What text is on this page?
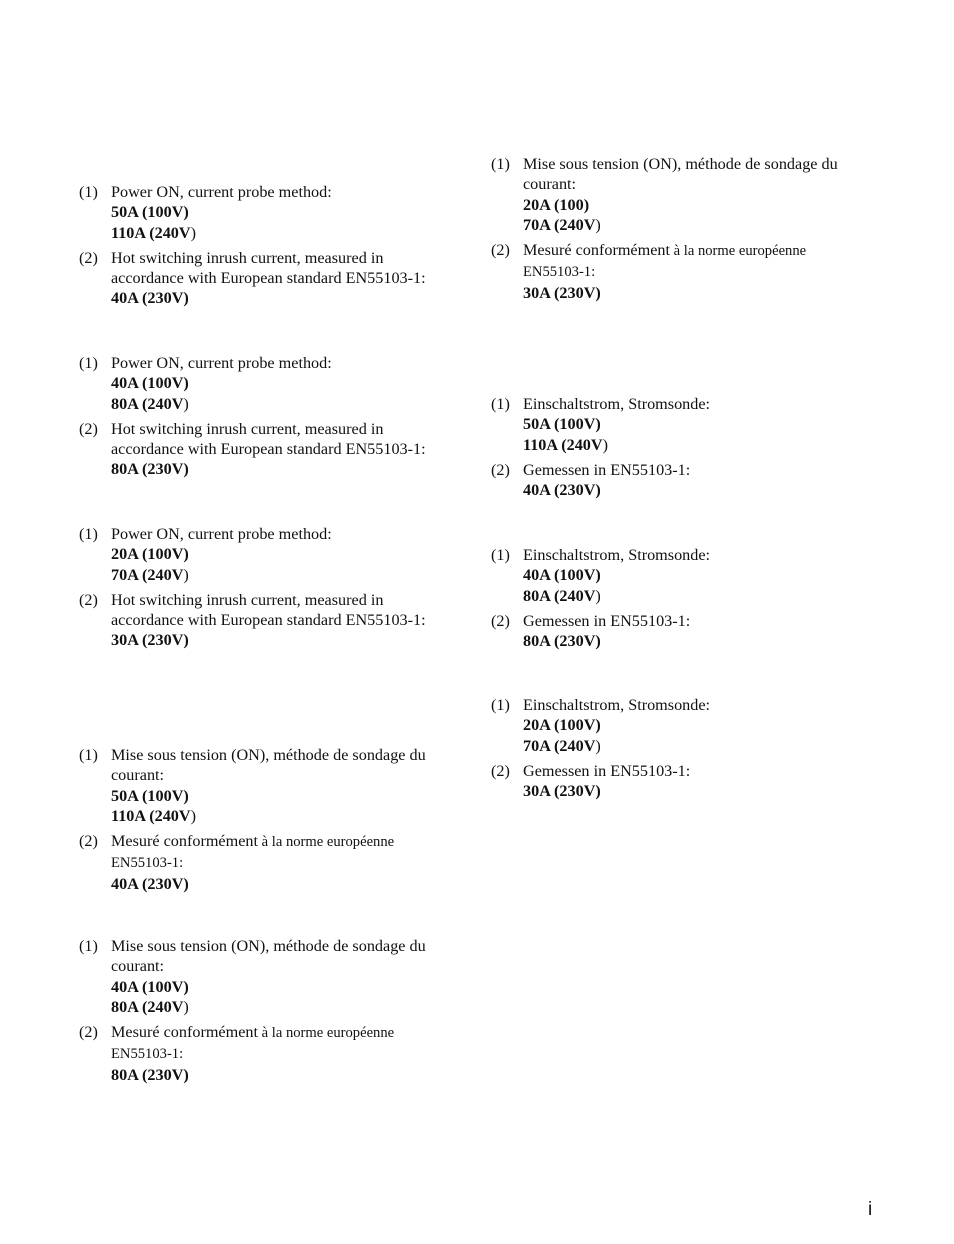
(1) Power ON, current probe method:
50A (100V)
110A (240V)
(2) Hot switching inrush current, measured in
accordance with European standard EN55103-1:
40A (230V)
(1) Power ON, current probe method:
40A (100V)
80A (240V)
(2) Hot switching inrush current, measured in
accordance with European standard EN55103-1:
80A (230V)
(1) Power ON, current probe method:
20A (100V)
70A (240V)
(2) Hot switching inrush current, measured in
accordance with European standard EN55103-1:
30A (230V)
(1) Mise sous tension (ON), méthode de sondage du
courant:
50A (100V)
110A (240V)
(2) Mesuré conformément à la norme européenne
EN55103-1:
40A (230V)
(1) Mise sous tension (ON), méthode de sondage du
courant:
40A (100V)
80A (240V)
(2) Mesuré conformément à la norme européenne
EN55103-1:
80A (230V)
(1) Mise sous tension (ON), méthode de sondage du
courant:
20A (100)
70A (240V)
(2) Mesuré conformément à la norme européenne
EN55103-1:
30A (230V)
(1) Einschaltstrom, Stromsonde:
50A (100V)
110A (240V)
(2) Gemessen in EN55103-1:
40A (230V)
(1) Einschaltstrom, Stromsonde:
40A (100V)
80A (240V)
(2) Gemessen in EN55103-1:
80A (230V)
(1) Einschaltstrom, Stromsonde:
20A (100V)
70A (240V)
(2) Gemessen in EN55103-1:
30A (230V)
i
